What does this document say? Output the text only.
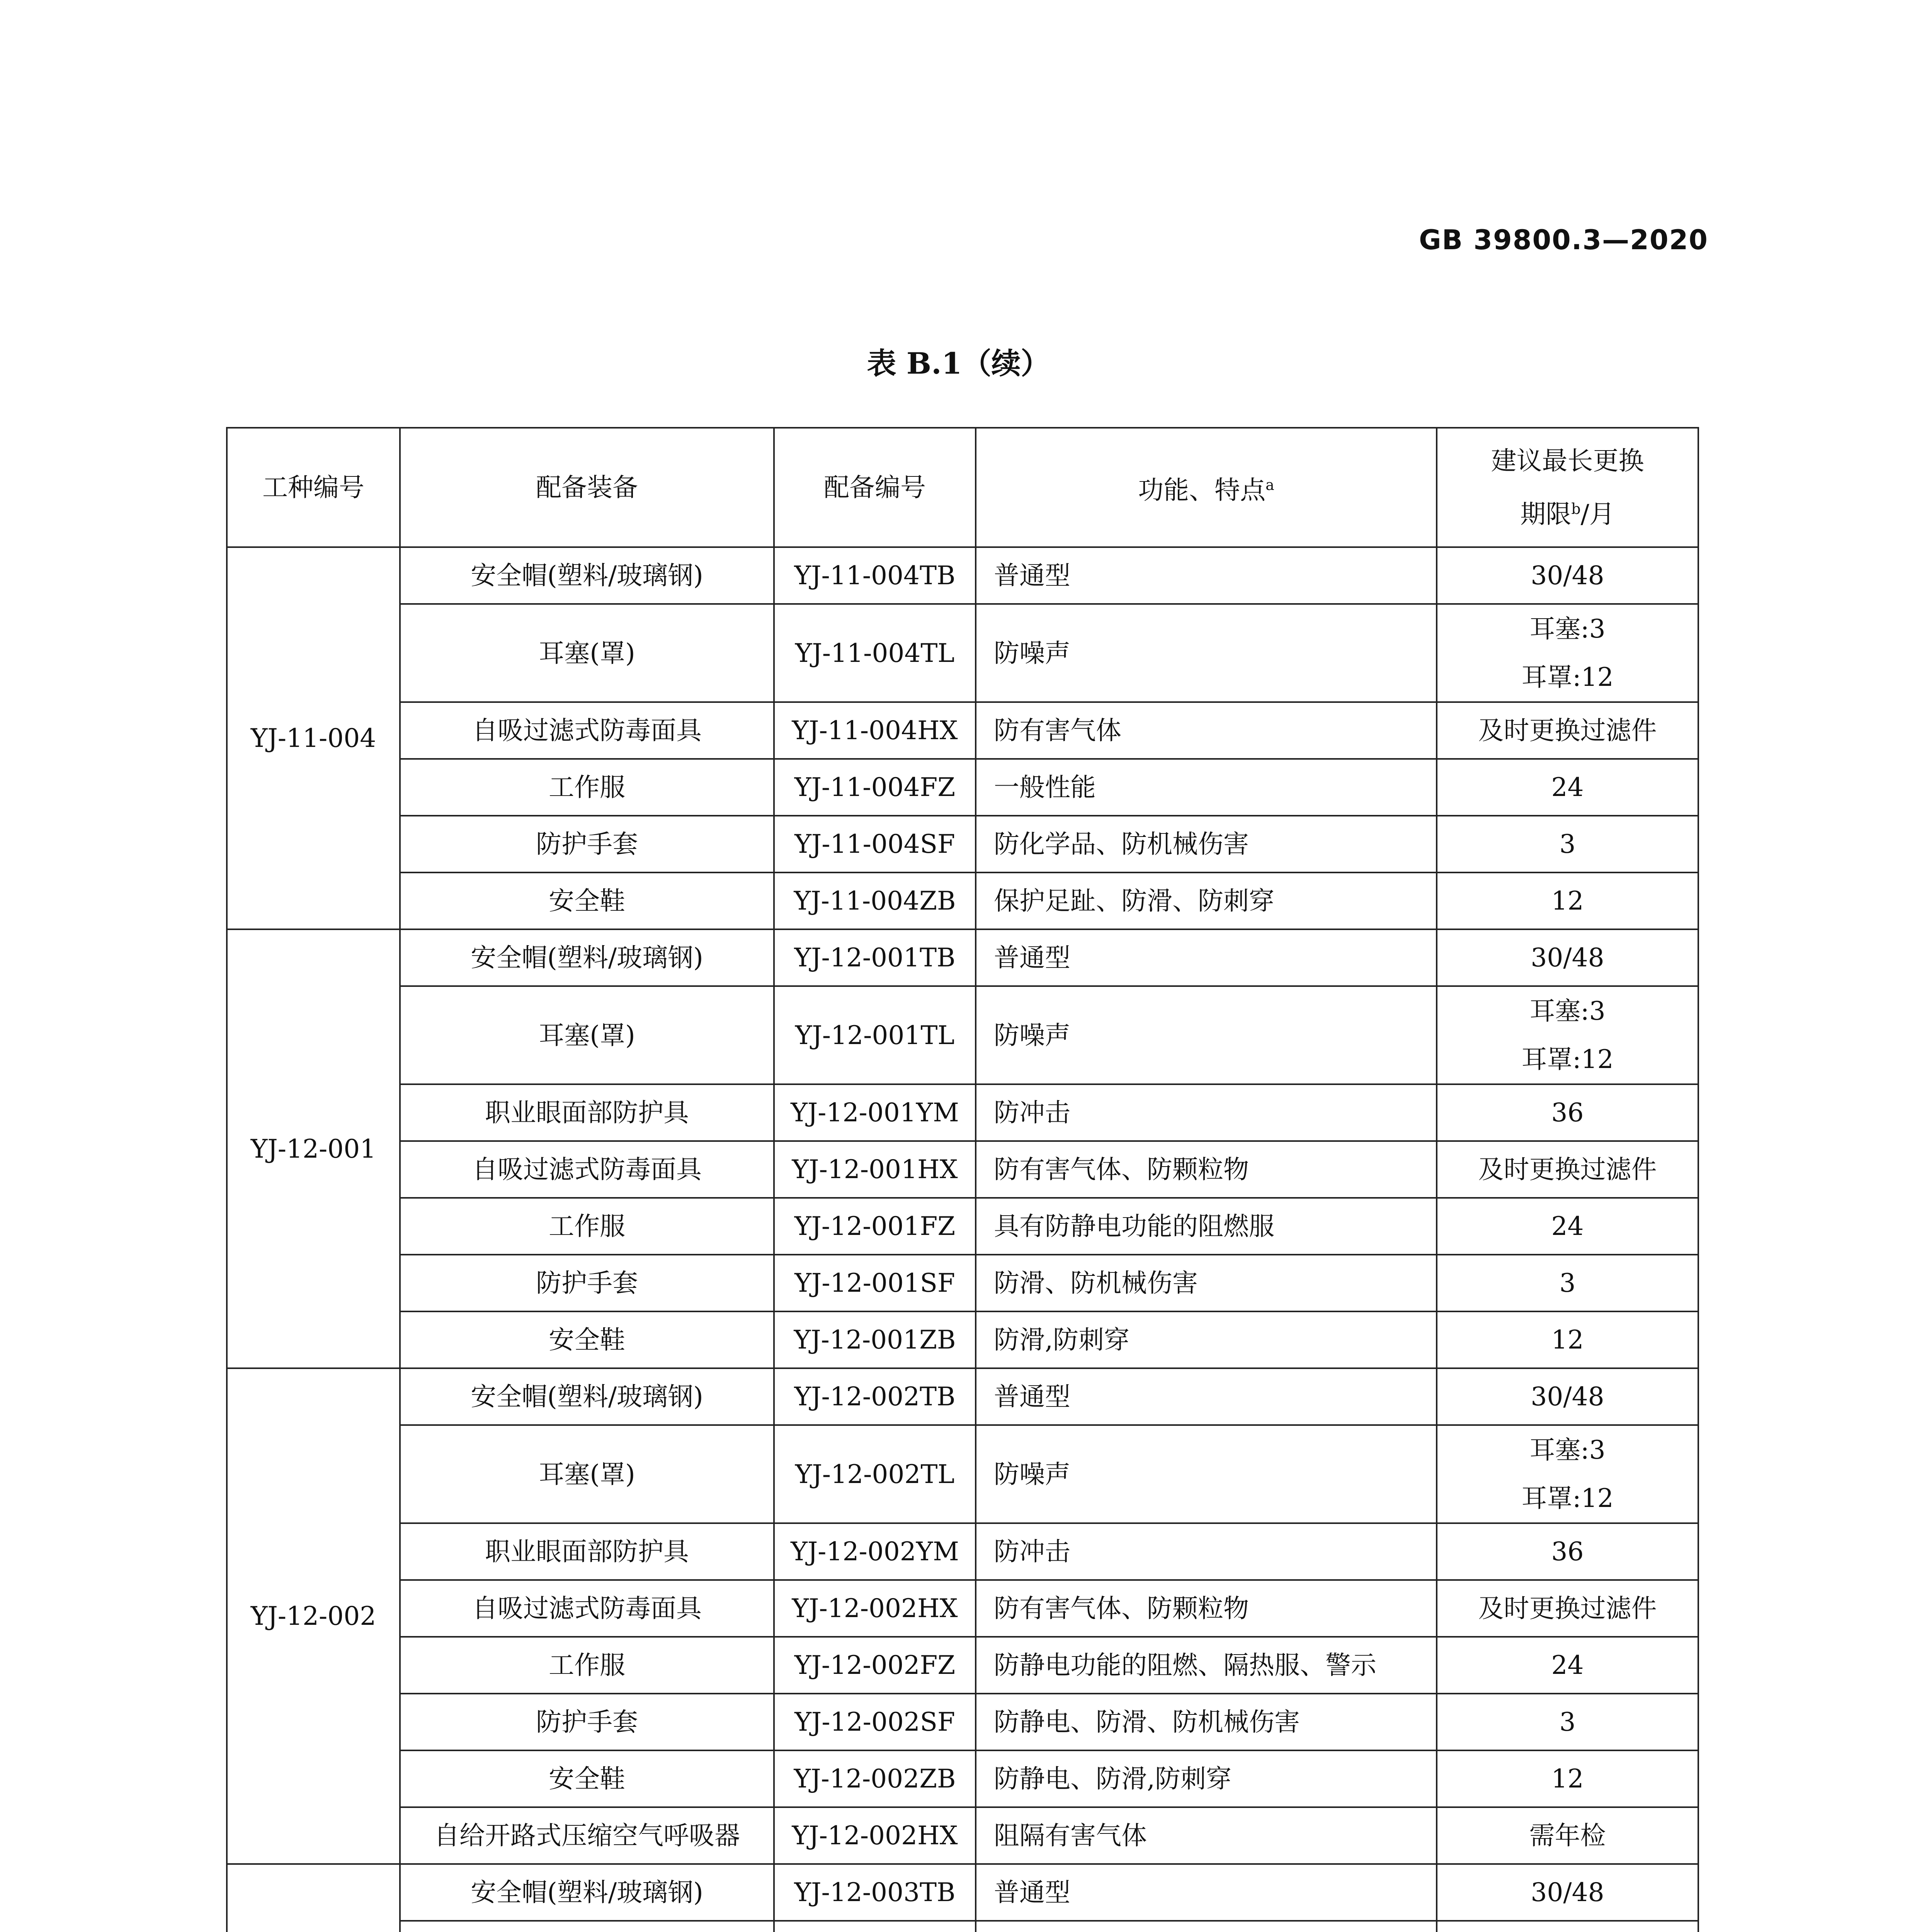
GB 39800.3—2020
表 B.1（续）
工种编号	配备装备	配备编号	功能、特点$^a$	建议最长更换
期限$^b$/月

YJ-11-004	安全帽(塑料/玻璃钢)	YJ-11-004TB	普通型	30/48
	耳塞(罩)	YJ-11-004TL	防噪声	耳塞:3
耳罩:12

	自吸过滤式防毒面具	YJ-11-004HX	防有害气体	及时更换过滤件
	工作服	YJ-11-004FZ	一般性能	24
	防护手套	YJ-11-004SF	防化学品、防机械伤害	3
	安全鞋	YJ-11-004ZB	保护足趾、防滑、防刺穿	12
YJ-12-001	安全帽(塑料/玻璃钢)	YJ-12-001TB	普通型	30/48
	耳塞(罩)	YJ-12-001TL	防噪声	耳塞:3
耳罩:12

	职业眼面部防护具	YJ-12-001YM	防冲击	36
	自吸过滤式防毒面具	YJ-12-001HX	防有害气体、防颗粒物	及时更换过滤件
	工作服	YJ-12-001FZ	具有防静电功能的阻燃服	24
	防护手套	YJ-12-001SF	防滑、防机械伤害	3
	安全鞋	YJ-12-001ZB	防滑,防刺穿	12
YJ-12-002	安全帽(塑料/玻璃钢)	YJ-12-002TB	普通型	30/48
	耳塞(罩)	YJ-12-002TL	防噪声	耳塞:3
耳罩:12

	职业眼面部防护具	YJ-12-002YM	防冲击	36
	自吸过滤式防毒面具	YJ-12-002HX	防有害气体、防颗粒物	及时更换过滤件
	工作服	YJ-12-002FZ	防静电功能的阻燃、隔热服、警示	24
	防护手套	YJ-12-002SF	防静电、防滑、防机械伤害	3
	安全鞋	YJ-12-002ZB	防静电、防滑,防刺穿	12
	自给开路式压缩空气呼吸器	YJ-12-002HX	阻隔有害气体	需年检
	安全帽(塑料/玻璃钢)	YJ-12-003TB	普通型	30/48
